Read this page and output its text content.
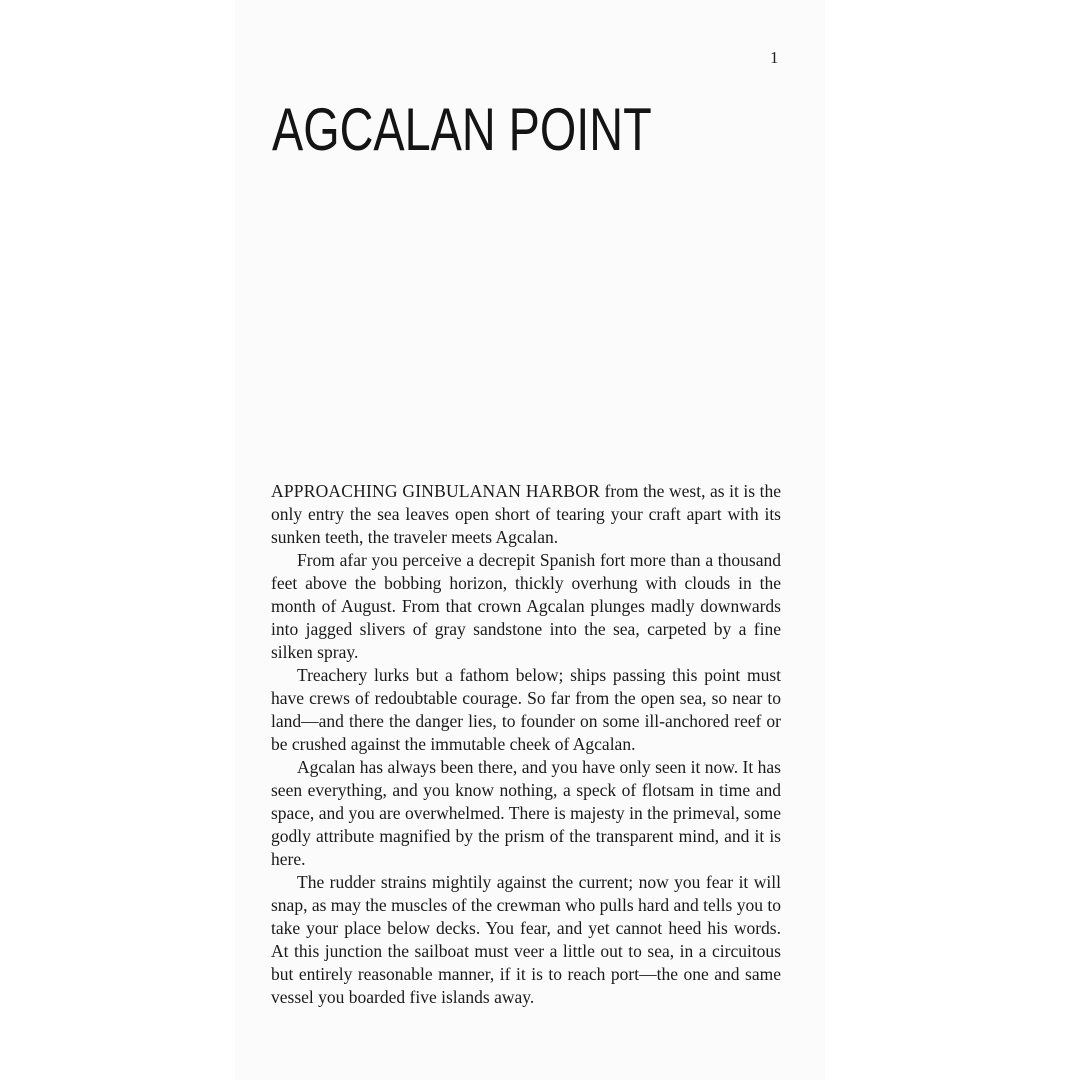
1
AGCALAN POINT

APPROACHING GINBULANAN HARBOR from the west, as it is the only entry the sea leaves open short of tearing your craft apart with its sunken teeth, the traveler meets Agcalan.

From afar you perceive a decrepit Spanish fort more than a thousand feet above the bobbing horizon, thickly overhung with clouds in the month of August. From that crown Agcalan plunges madly downwards into jagged slivers of gray sandstone into the sea, carpeted by a fine silken spray.

Treachery lurks but a fathom below; ships passing this point must have crews of redoubtable courage. So far from the open sea, so near to land—and there the danger lies, to founder on some ill-anchored reef or be crushed against the immutable cheek of Agcalan.

Agcalan has always been there, and you have only seen it now. It has seen everything, and you know nothing, a speck of flotsam in time and space, and you are overwhelmed. There is majesty in the primeval, some godly attribute magnified by the prism of the transparent mind, and it is here.

The rudder strains mightily against the current; now you fear it will snap, as may the muscles of the crewman who pulls hard and tells you to take your place below decks. You fear, and yet cannot heed his words. At this junction the sailboat must veer a little out to sea, in a circuitous but entirely reasonable manner, if it is to reach port—the one and same vessel you boarded five islands away.
